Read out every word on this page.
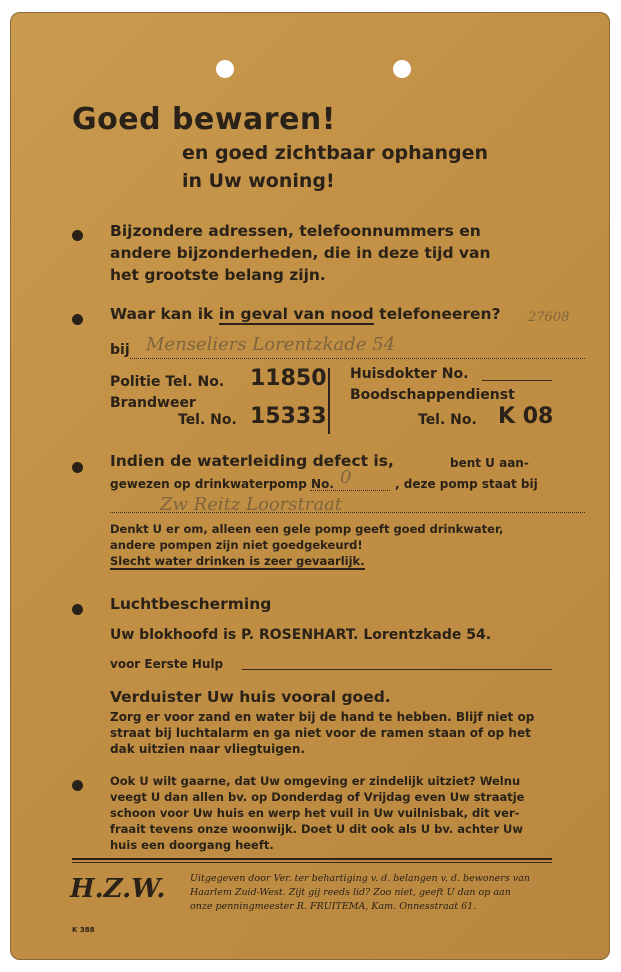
Goed bewaren!
en goed zichtbaar ophangen
in Uw woning!
Bijzondere adressen, telefoonnummers en
andere bijzonderheden, die in deze tijd van
het grootste belang zijn.
Waar kan ik in geval van nood telefoneeren? 27608
bij Menseliers Lorentzkade 54
Politie Tel. No. 11850
Brandweer
Tel. No. 15333
Huisdokter No.
Boodschappendienst
Tel. No. K 08
Indien de waterleiding defect is,	bent U aan-
gewezen op drinkwaterpomp No. 0	, deze pomp staat bij
Zw Reitz Loorstraat
Denkt U er om, alleen een gele pomp geeft goed drinkwater,
andere pompen zijn niet goedgekeurd!
Slecht water drinken is zeer gevaarlijk.
Luchtbescherming
Uw blokhoofd is P. ROSENHART. Lorentzkade 54.
voor Eerste Hulp
Verduister Uw huis vooral goed.
Zorg er voor zand en water bij de hand te hebben. Blijf niet op
straat bij luchtalarm en ga niet voor de ramen staan of op het
dak uitzien naar vliegtuigen.
Ook U wilt gaarne, dat Uw omgeving er zindelijk uitziet? Welnu
veegt U dan allen bv. op Donderdag of Vrijdag even Uw straatje
schoon voor Uw huis en werp het vuil in Uw vuilnisbak, dit ver-
fraait tevens onze woonwijk. Doet U dit ook als U bv. achter Uw
huis een doorgang heeft.
H.Z.W.	Uitgegeven door Ver. ter behartiging v. d. belangen v. d. bewoners van
Haarlem Zuid-West. Zijt gij reeds lid? Zoo niet, geeft U dan op aan
onze penningmeester R. FRUITEMA, Kam. Onnesstraat 61.
K 388
